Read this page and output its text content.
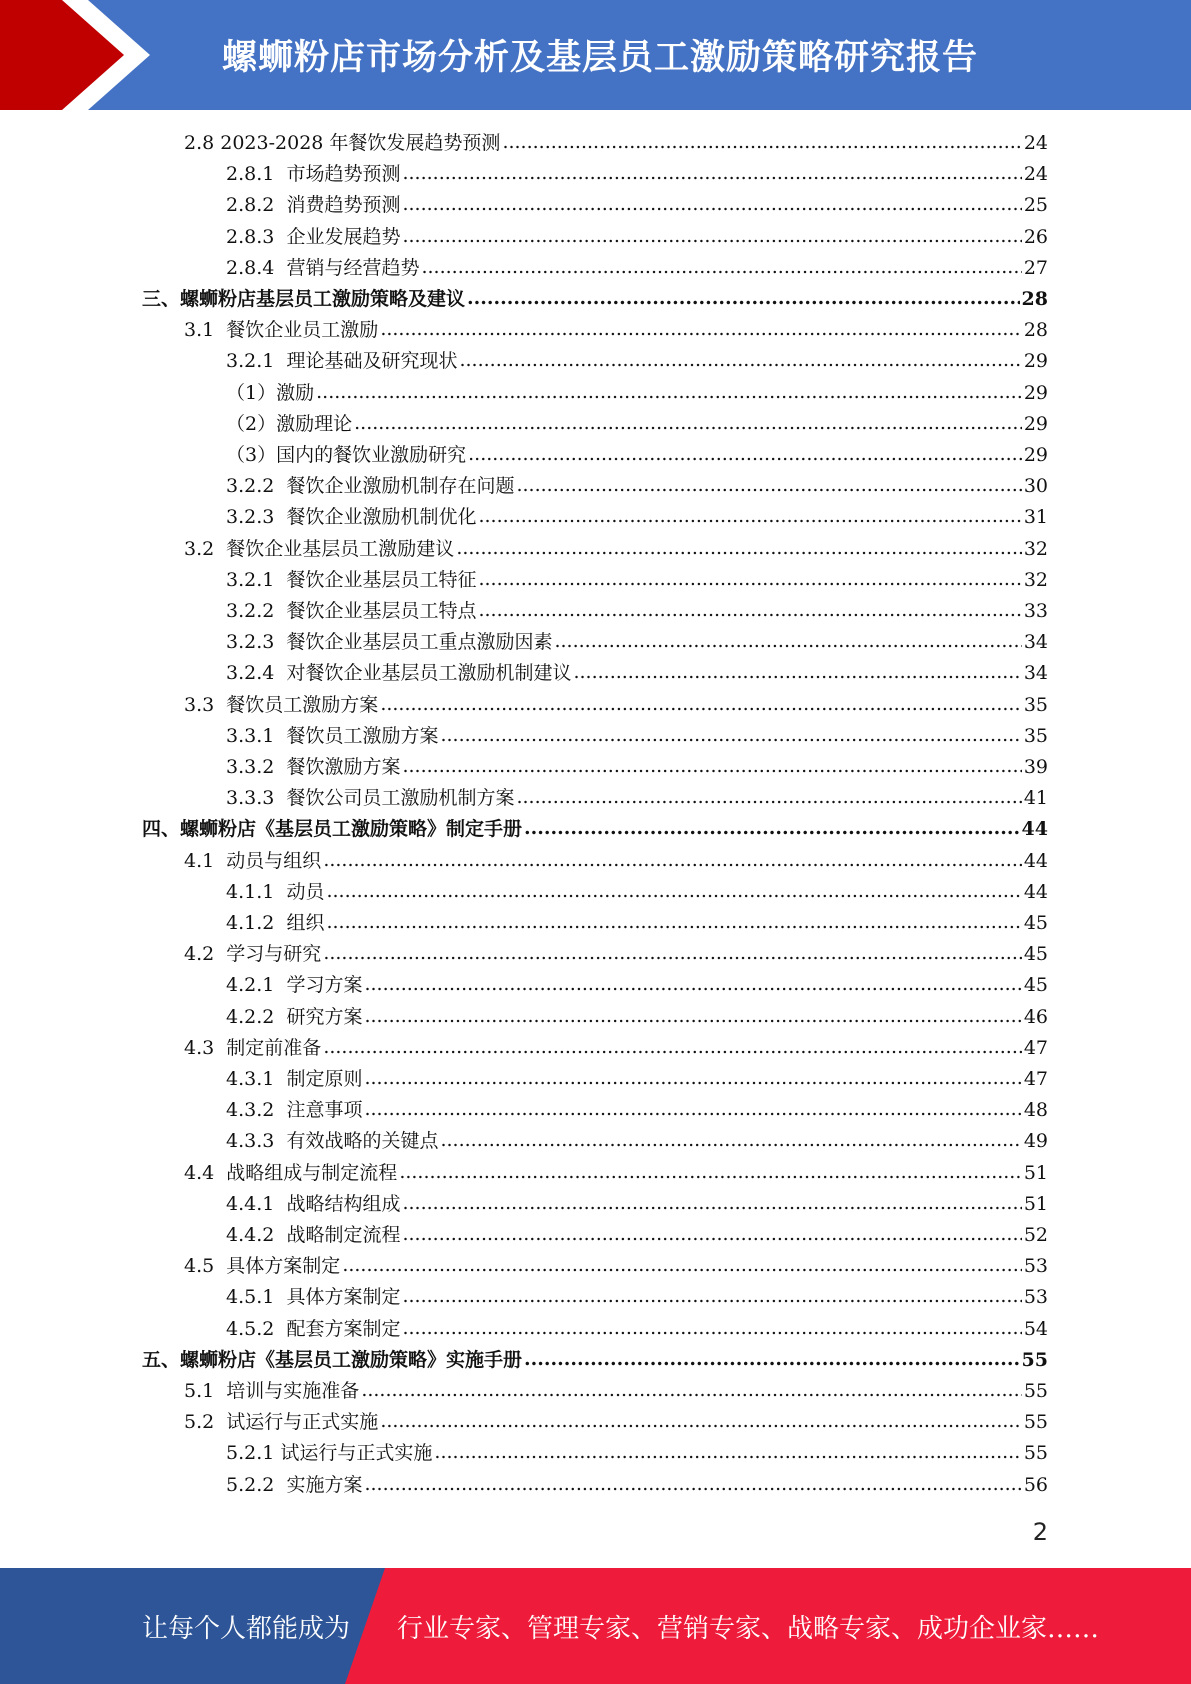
螺蛳粉店市场分析及基层员工激励策略研究报告
2.8 2023-2028 年餐饮发展趋势预测 .....	24
2.8.1 市场趋势预测 .....	24
2.8.2 消费趋势预测 .....	25
2.8.3 企业发展趋势 .....	26
2.8.4 营销与经营趋势 .....	27
三、 螺蛳粉店基层员工激励策略及建议 .....	28
3.1 餐饮企业员工激励 .....	28
3.2.1 理论基础及研究现状 .....	29
（1） 激励 .....	29
（2） 激励理论 .....	29
（3） 国内的餐饮业激励研究 .....	29
3.2.2 餐饮企业激励机制存在问题 .....	30
3.2.3 餐饮企业激励机制优化 .....	31
3.2 餐饮企业基层员工激励建议 .....	32
3.2.1 餐饮企业基层员工特征 .....	32
3.2.2 餐饮企业基层员工特点 .....	33
3.2.3 餐饮企业基层员工重点激励因素 .....	34
3.2.4 对餐饮企业基层员工激励机制建议 .....	34
3.3 餐饮员工激励方案 .....	35
3.3.1 餐饮员工激励方案 .....	35
3.3.2 餐饮激励方案 .....	39
3.3.3 餐饮公司员工激励机制方案 .....	41
四、 螺蛳粉店《基层员工激励策略》制定手册 .....	44
4.1 动员与组织 .....	44
4.1.1 动员 .....	44
4.1.2 组织 .....	45
4.2 学习与研究 .....	45
4.2.1 学习方案 .....	45
4.2.2 研究方案 .....	46
4.3 制定前准备 .....	47
4.3.1 制定原则 .....	47
4.3.2 注意事项 .....	48
4.3.3 有效战略的关键点 .....	49
4.4 战略组成与制定流程 .....	51
4.4.1 战略结构组成 .....	51
4.4.2 战略制定流程 .....	52
4.5 具体方案制定 .....	53
4.5.1 具体方案制定 .....	53
4.5.2 配套方案制定 .....	54
五、 螺蛳粉店《基层员工激励策略》实施手册 .....	55
5.1 培训与实施准备 .....	55
5.2 试运行与正式实施 .....	55
5.2.1 试运行与正式实施 .....	55
5.2.2 实施方案 .....	56
2
让每个人都能成为 行业专家、管理专家、营销专家、战略专家、成功企业家……
